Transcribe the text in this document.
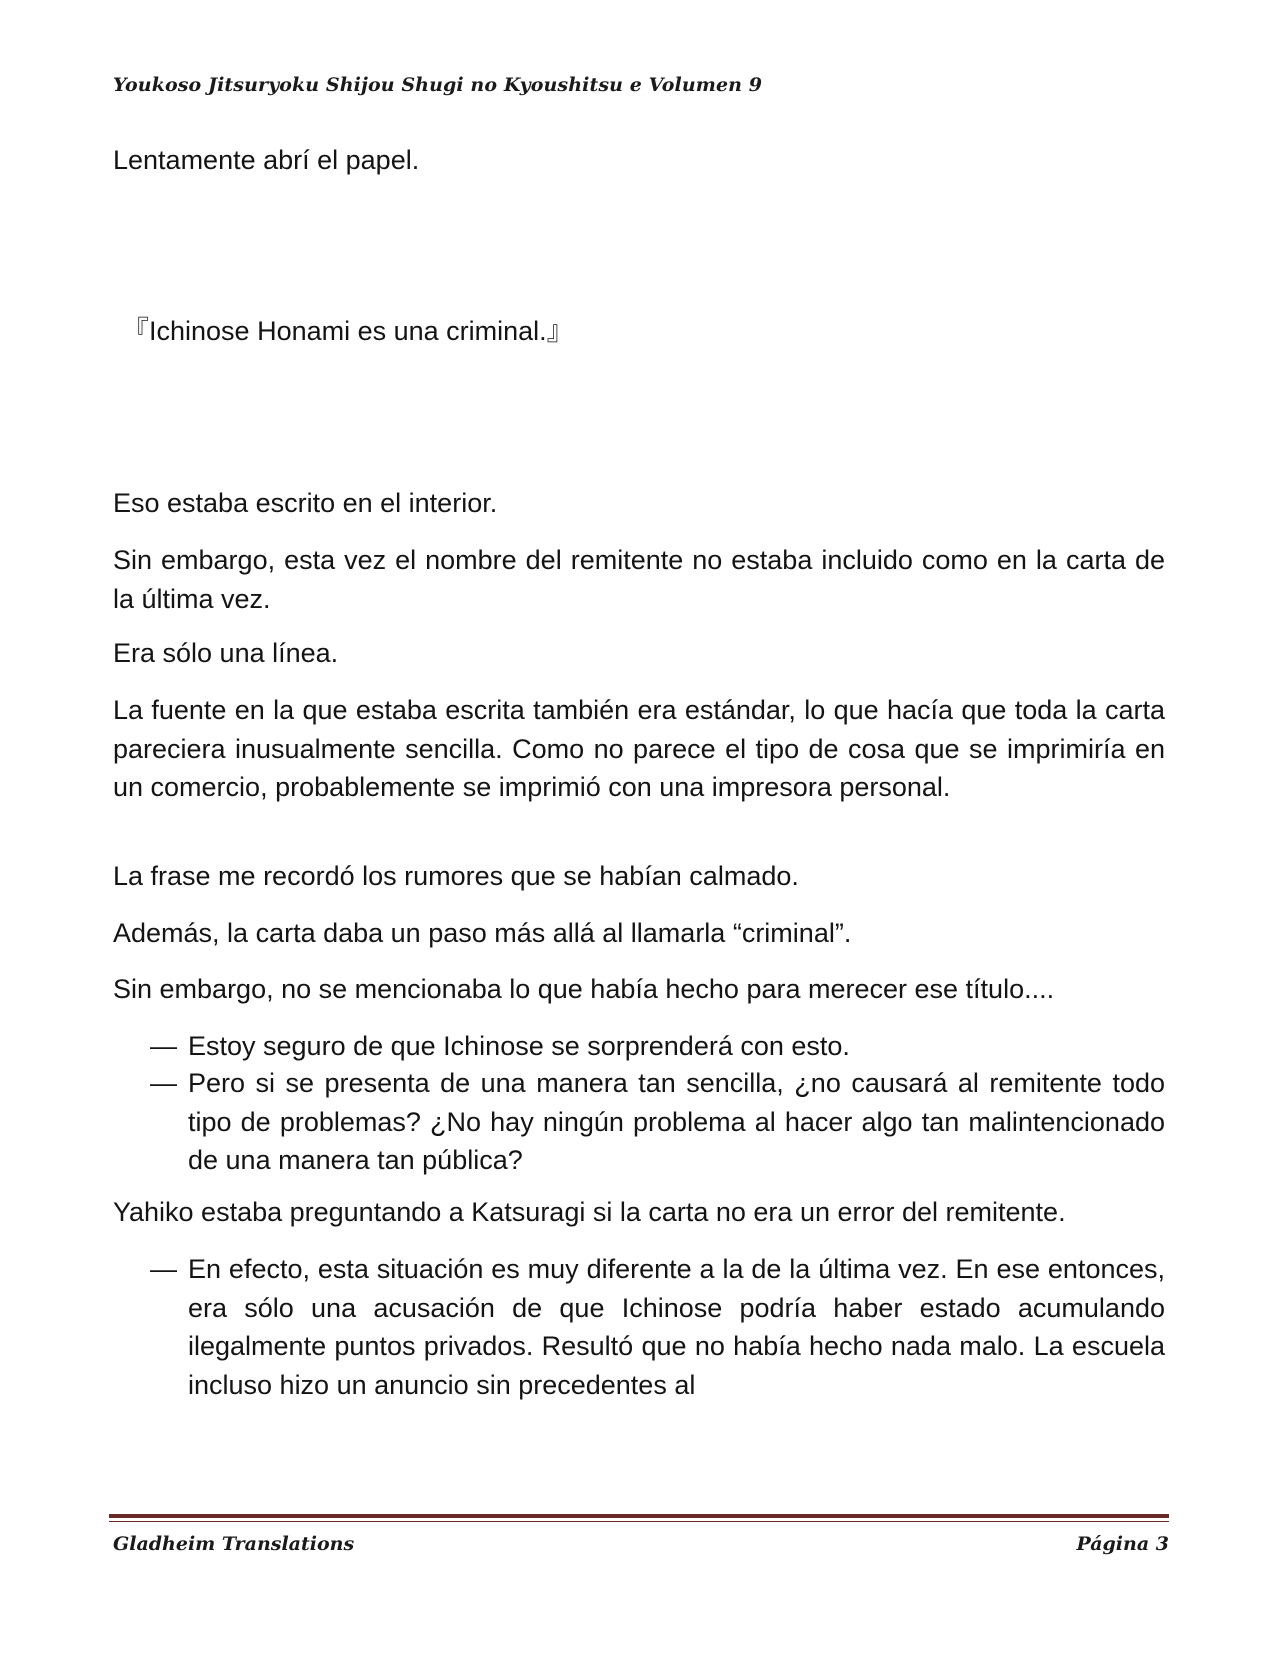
Youkoso Jitsuryoku Shijou Shugi no Kyoushitsu e Volumen 9

Lentamente abrí el papel.

『Ichinose Honami es una criminal.』

Eso estaba escrito en el interior.

Sin embargo, esta vez el nombre del remitente no estaba incluido como en la carta de la última vez.

Era sólo una línea.

La fuente en la que estaba escrita también era estándar, lo que hacía que toda la carta pareciera inusualmente sencilla. Como no parece el tipo de cosa que se imprimiría en un comercio, probablemente se imprimió con una impresora personal.

La frase me recordó los rumores que se habían calmado.

Además, la carta daba un paso más allá al llamarla “criminal”.

Sin embargo, no se mencionaba lo que había hecho para merecer ese título....

— Estoy seguro de que Ichinose se sorprenderá con esto.
— Pero si se presenta de una manera tan sencilla, ¿no causará al remitente todo tipo de problemas? ¿No hay ningún problema al hacer algo tan malintencionado de una manera tan pública?

Yahiko estaba preguntando a Katsuragi si la carta no era un error del remitente.

— En efecto, esta situación es muy diferente a la de la última vez. En ese entonces, era sólo una acusación de que Ichinose podría haber estado acumulando ilegalmente puntos privados. Resultó que no había hecho nada malo. La escuela incluso hizo un anuncio sin precedentes al
Gladheim Translations	Página 3
